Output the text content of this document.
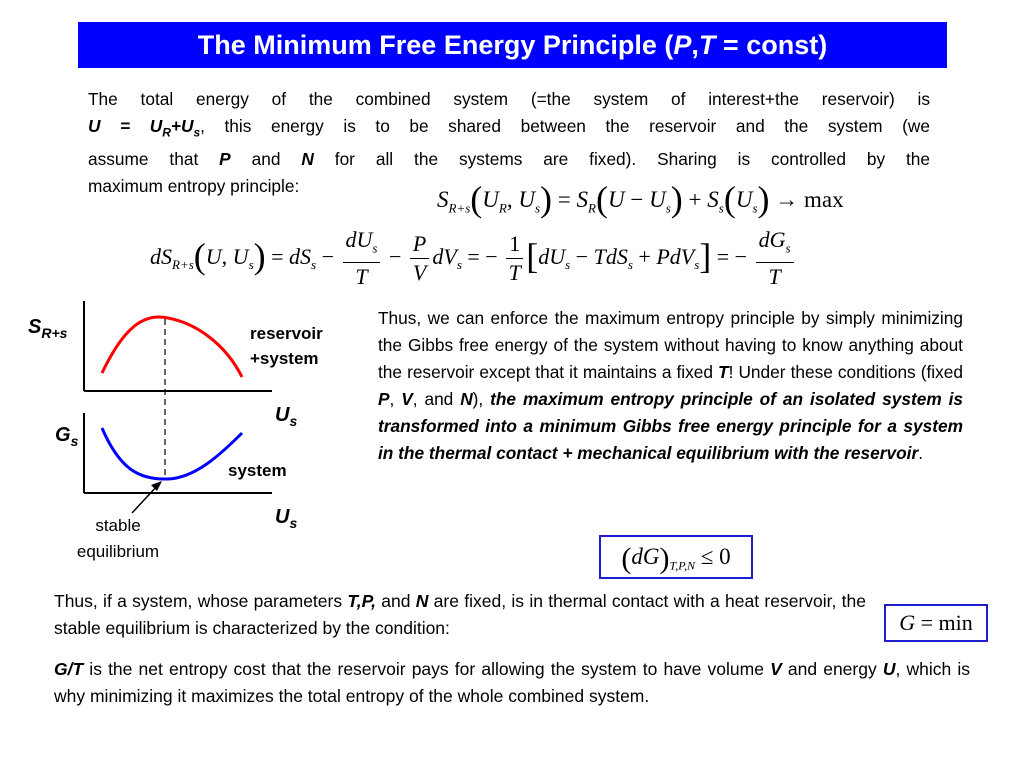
The Minimum Free Energy Principle (P,T = const)
The total energy of the combined system (=the system of interest+the reservoir) is
$U = U_R+U_s$, this energy is to be shared between the reservoir and the system (we
assume that P and N for all the systems are fixed). Sharing is controlled by the
maximum entropy principle:
$S_{R+s}(U_R$, $U_s) = S_R(U - U_s) + S_s(U_s) \to \max$
$dS_{R+s}(U$, $U_s) = dS_s - \frac{dU_s}{T} - \frac{P}{V} dV_s$ = − $\frac{1}{T} [dU_s - TdS_s + PdV_s]$ = − $\frac{dG_s}{T}$
$S_{R+s}$
$G_s$
$U_s$
$U_s$
reservoir
+system
system
stable
equilibrium
Thus, we can enforce the maximum entropy principle by simply minimizing the Gibbs free energy of the system without having to know anything about the reservoir except that it maintains a fixed T! Under these conditions (fixed P, V, and N), the maximum entropy principle of an isolated system is transformed into a minimum Gibbs free energy principle for a system in the thermal contact + mechanical equilibrium with the reservoir.
$(dG)_{T,P,N} \le 0$
Thus, if a system, whose parameters T,P, and N are fixed, is in thermal contact with a heat reservoir, the stable equilibrium is characterized by the condition:	G = min
G/T is the net entropy cost that the reservoir pays for allowing the system to have volume V and energy U, which is why minimizing it maximizes the total entropy of the whole combined system.
